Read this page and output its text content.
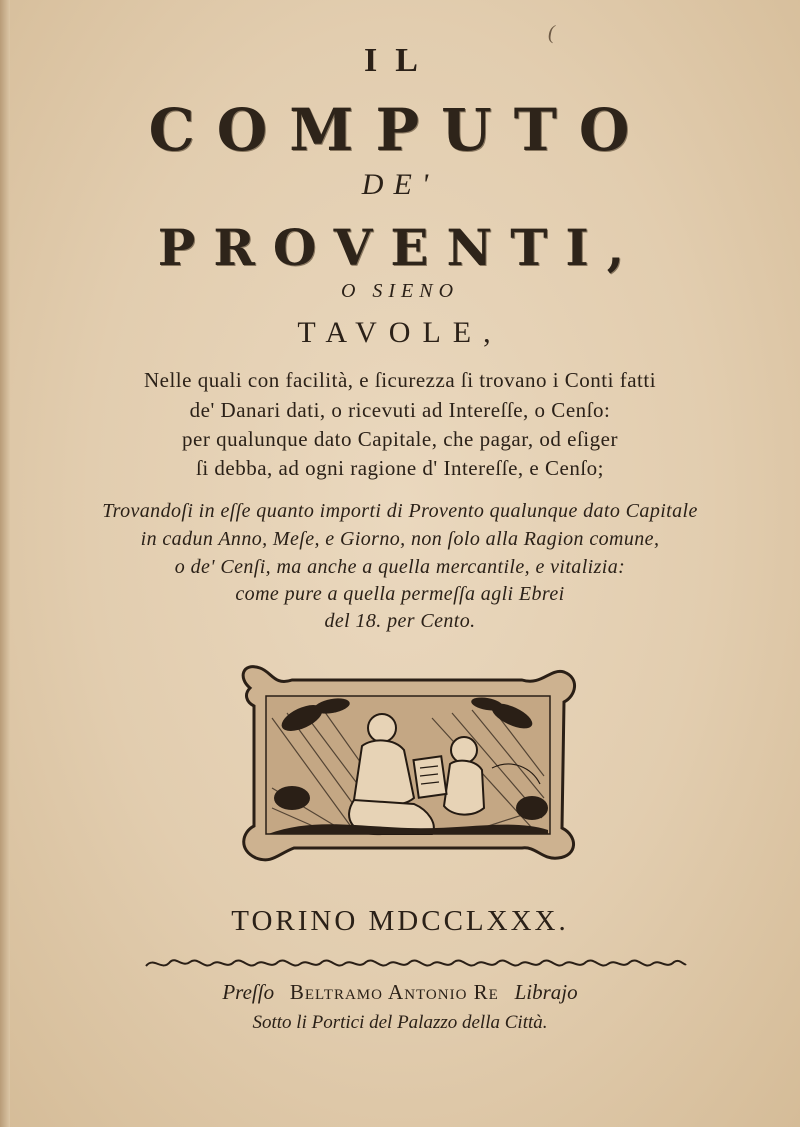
(
IL
COMPUTO
DE'
PROVENTI,
O SIENO
TAVOLE,
Nelle quali con facilità, e ſicurezza ſi trovano i Conti fatti
de' Danari dati, o ricevuti ad Intereſſe, o Cenſo:
per qualunque dato Capitale, che pagar, od eſiger
ſi debba, ad ogni ragione d' Intereſſe, e Cenſo;
Trovandoſi in eſſe quanto importi di Provento qualunque dato Capitale
in cadun Anno, Meſe, e Giorno, non ſolo alla Ragion comune,
o de' Cenſi, ma anche a quella mercantile, e vitalizia:
come pure a quella permeſſa agli Ebrei
del 18. per Cento.
TORINO MDCCLXXX.
Preſſo Beltramo Antonio Re Librajo
Sotto li Portici del Palazzo della Città.
